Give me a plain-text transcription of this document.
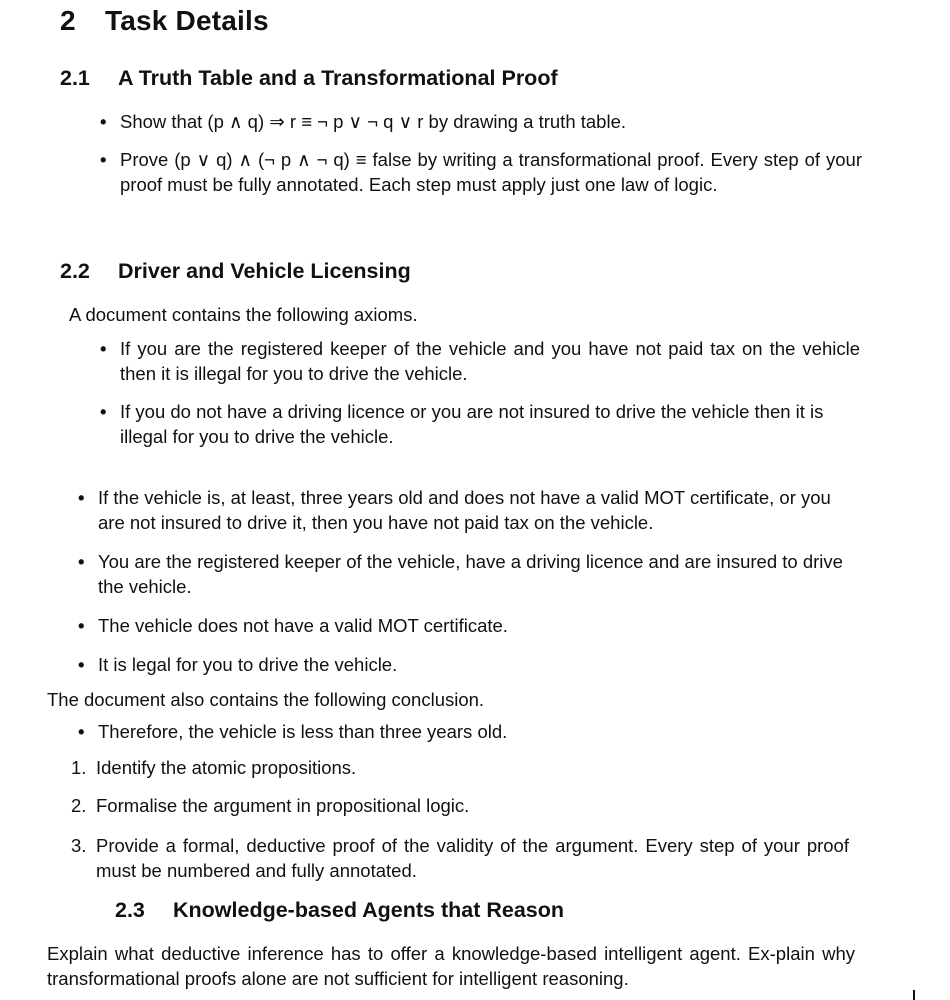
2 Task Details
2.1 A Truth Table and a Transformational Proof
• Show that (p ∧ q) ⇒ r ≡ ¬ p ∨ ¬ q ∨ r by drawing a truth table.
• Prove (p ∨ q) ∧ (¬ p ∧ ¬ q) ≡ false by writing a transformational proof. Every step of your proof must be fully annotated. Each step must apply just one law of logic.
2.2 Driver and Vehicle Licensing
A document contains the following axioms.
• If you are the registered keeper of the vehicle and you have not paid tax on the vehicle then it is illegal for you to drive the vehicle.
• If you do not have a driving licence or you are not insured to drive the vehicle then it is illegal for you to drive the vehicle.
• If the vehicle is, at least, three years old and does not have a valid MOT certificate, or you are not insured to drive it, then you have not paid tax on the vehicle.
• You are the registered keeper of the vehicle, have a driving licence and are insured to drive the vehicle.
• The vehicle does not have a valid MOT certificate.
• It is legal for you to drive the vehicle.
The document also contains the following conclusion.
• Therefore, the vehicle is less than three years old.
1. Identify the atomic propositions.
2. Formalise the argument in propositional logic.
3. Provide a formal, deductive proof of the validity of the argument. Every step of your proof must be numbered and fully annotated.
2.3 Knowledge-based Agents that Reason
Explain what deductive inference has to offer a knowledge-based intelligent agent. Ex-plain why transformational proofs alone are not sufficient for intelligent reasoning.
